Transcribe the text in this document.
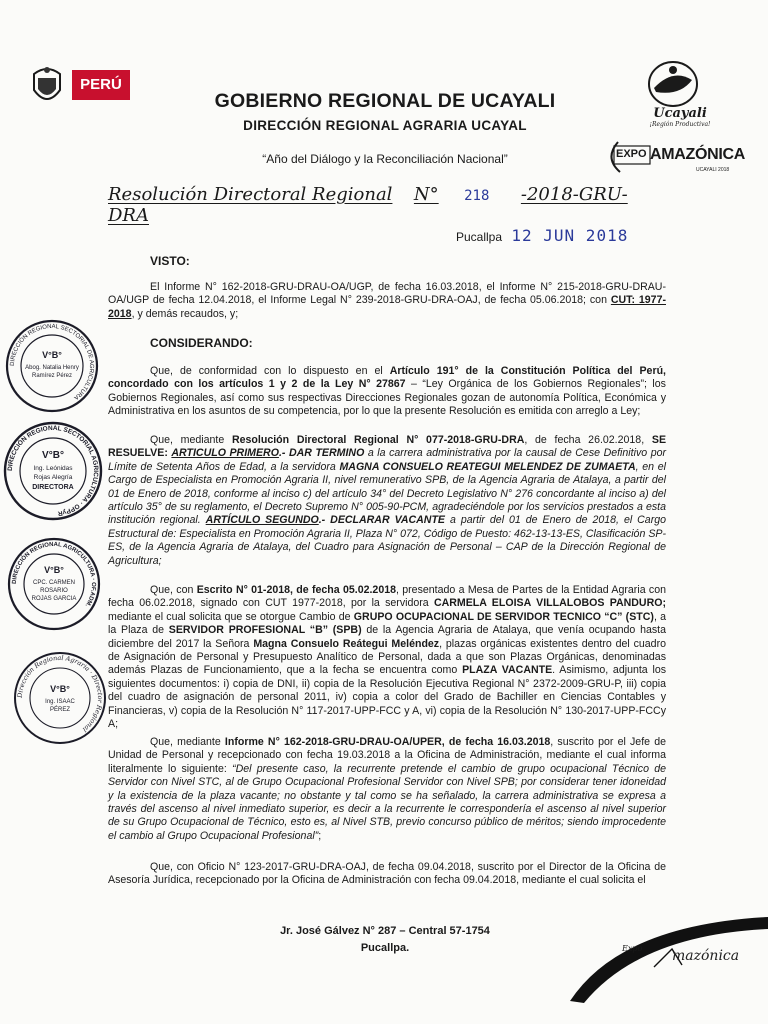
PERÚ
GOBIERNO REGIONAL DE UCAYALI
DIRECCIÓN REGIONAL AGRARIA UCAYAL
“Año del Diálogo y la Reconciliación Nacional”
Ucayali
¡Región Productiva!
EXPO AMAZÓNICA
UCAYALI 2018
Resolución Directoral Regional N° 218 -2018-GRU-DRA
Pucallpa 12 JUN 2018
VISTO:
El Informe N° 162-2018-GRU-DRAU-OA/UGP, de fecha 16.03.2018, el Informe N° 215-2018-GRU-DRAU-OA/UGP de fecha 12.04.2018, el Informe Legal N° 239-2018-GRU-DRA-OAJ, de fecha 05.06.2018; con CUT: 1977-2018, y demás recaudos, y;
CONSIDERANDO:
Que, de conformidad con lo dispuesto en el Artículo 191° de la Constitución Política del Perú, concordado con los artículos 1 y 2 de la Ley N° 27867 – “Ley Orgánica de los Gobiernos Regionales”; los Gobiernos Regionales, así como sus respectivas Direcciones Regionales gozan de autonomía Política, Económica y Administrativa en los asuntos de su competencia, por lo que la presente Resolución es emitida con arreglo a Ley;
Que, mediante Resolución Directoral Regional N° 077-2018-GRU-DRA, de fecha 26.02.2018, SE RESUELVE: ARTICULO PRIMERO.- DAR TERMINO a la carrera administrativa por la causal de Cese Definitivo por Límite de Setenta Años de Edad, a la servidora MAGNA CONSUELO REATEGUI MELENDEZ DE ZUMAETA, en el Cargo de Especialista en Promoción Agraria II, nivel remunerativo SPB, de la Agencia Agraria de Atalaya, a partir del 01 de Enero de 2018, conforme al inciso c) del artículo 34° del Decreto Legislativo N° 276 concordante al inciso a) del artículo 35° de su reglamento, el Decreto Supremo N° 005-90-PCM, agradeciéndole por los servicios prestados a esta institución regional. ARTÍCULO SEGUNDO.- DECLARAR VACANTE a partir del 01 de Enero de 2018, el Cargo Estructural de: Especialista en Promoción Agraria II, Plaza N° 072, Código de Puesto: 462-13-13-ES, Clasificación SP-ES, de la Agencia Agraria de Atalaya, del Cuadro para Asignación de Personal – CAP de la Dirección Regional de Agricultura;
Que, con Escrito N° 01-2018, de fecha 05.02.2018, presentado a Mesa de Partes de la Entidad Agraria con fecha 06.02.2018, signado con CUT 1977-2018, por la servidora CARMELA ELOISA VILLALOBOS PANDURO; mediante el cual solicita que se otorgue Cambio de GRUPO OCUPACIONAL DE SERVIDOR TECNICO “C” (STC), a la Plaza de SERVIDOR PROFESIONAL “B” (SPB) de la Agencia Agraria de Atalaya, que venía ocupando hasta diciembre del 2017 la Señora Magna Consuelo Reátegui Meléndez, plazas orgánicas existentes dentro del cuadro de Asignación de Personal y Presupuesto Analítico de Personal, dada a que son Plazas Orgánicas, denominadas además Plazas de Funcionamiento, que a la fecha se encuentra como PLAZA VACANTE. Asimismo, adjunta los siguientes documentos: i) copia de DNI, ii) copia de la Resolución Ejecutiva Regional N° 2372-2009-GRU-P, iii) copia del cuadro de asignación de personal 2011, iv) copia a color del Grado de Bachiller en Ciencias Contables y Financieras, v) copia de la Resolución N° 117-2017-UPP-FCC y A, vi) copia de la Resolución N° 130-2017-UPP-FCCy A;
Que, mediante Informe N° 162-2018-GRU-DRAU-OA/UPER, de fecha 16.03.2018, suscrito por el Jefe de Unidad de Personal y recepcionado con fecha 19.03.2018 a la Oficina de Administración, mediante el cual informa literalmente lo siguiente: “Del presente caso, la recurrente pretende el cambio de grupo ocupacional Técnico de Servidor con Nivel STC, al de Grupo Ocupacional Profesional Servidor con Nivel SPB; por considerar tener idoneidad y la existencia de la plaza vacante; no obstante y tal como se ha señalado, la carrera administrativa se expresa a través del ascenso al nivel inmediato superior, es decir a la recurrente le correspondería el ascenso al nivel superior de su Grupo Ocupacional de Técnico, esto es, al Nivel STB, previo concurso público de méritos; siendo improcedente el cambio al Grupo Ocupacional Profesional”;
Que, con Oficio N° 123-2017-GRU-DRA-OAJ, de fecha 09.04.2018, suscrito por el Director de la Oficina de Asesoría Jurídica, recepcionado por la Oficina de Administración con fecha 09.04.2018, mediante el cual solicita el
DIRECCIÓN REGIONAL SECTORIAL DE AGRICULTURA
V°B°
Abog. Natalia Henry
Ramírez Pérez
DIRECCIÓN REGIONAL SECTORIAL AGRICULTURA · OPPyR
V°B°
Ing. Leónidas
Rojas Alegría
DIRECTORA
DIRECCIÓN REGIONAL AGRICULTURA · OF.ADM.
V°B°
CPC. CARMEN
ROSARIO
ROJAS GARCIA
Dirección Regional Agraria · Director Regional
V°B°
Ing. ISAAC
PÉREZ
Jr. José Gálvez N° 287 – Central 57-1754
Pucallpa.	Expo mazónica
